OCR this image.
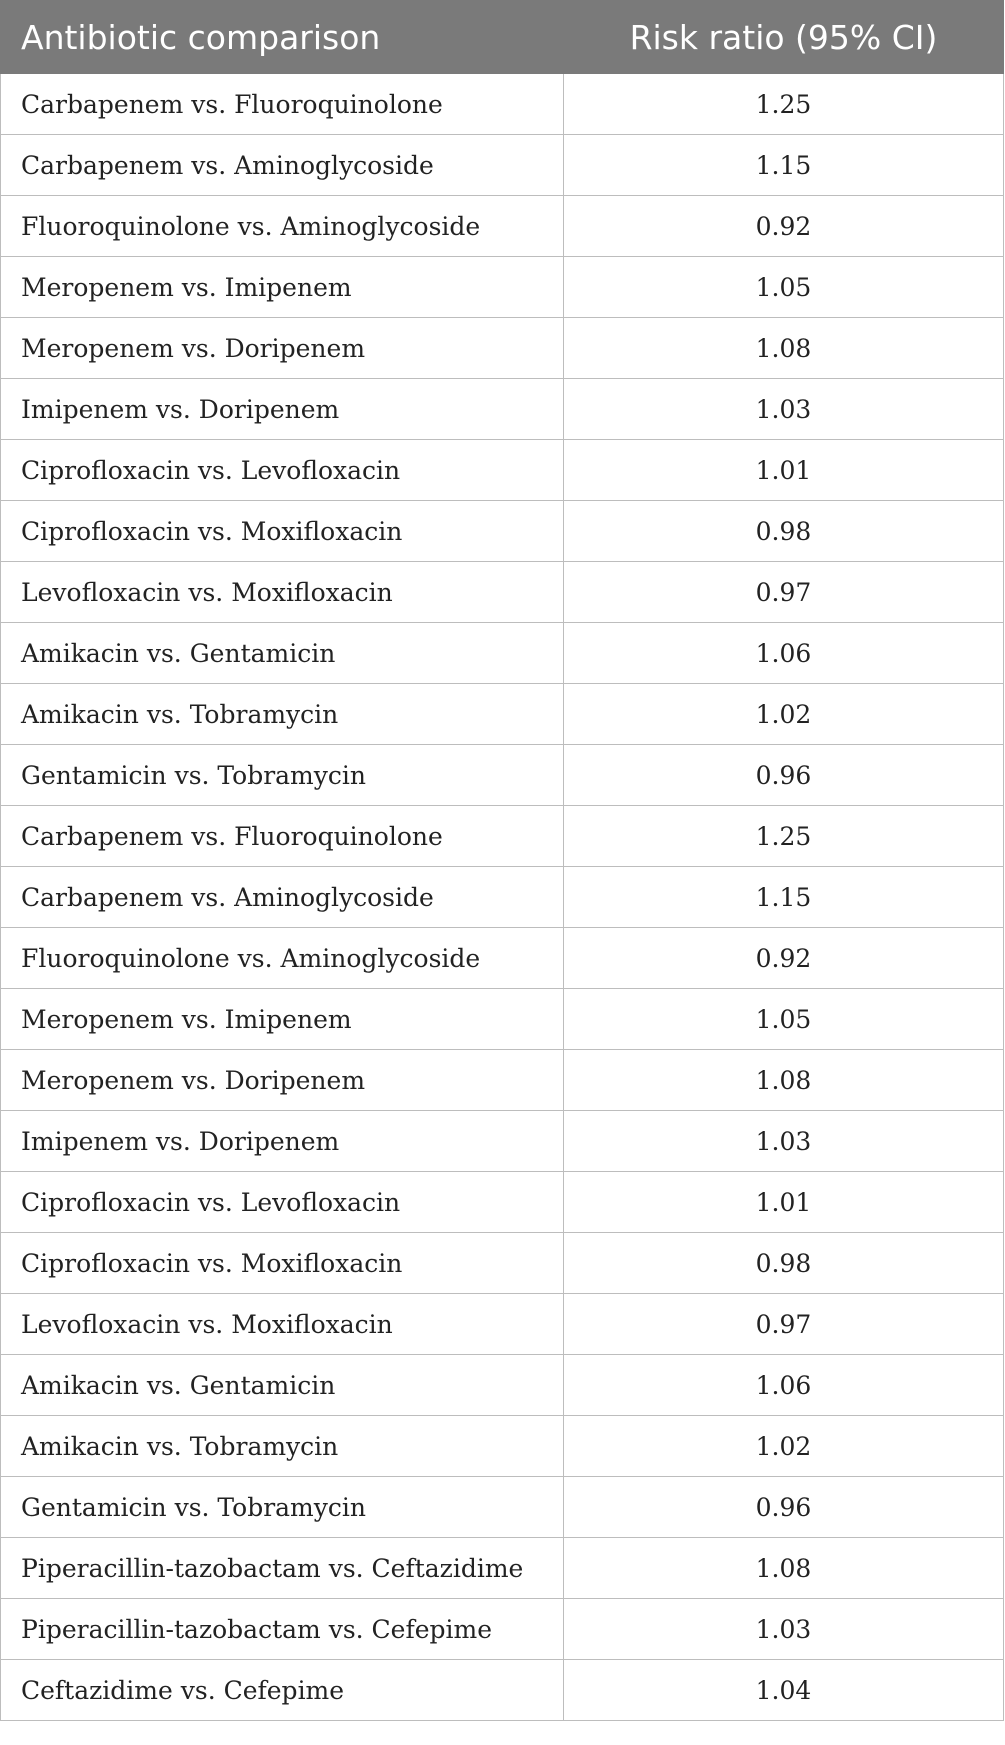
Antibiotic comparison	Risk ratio (95% CI)
Carbapenem vs. Fluoroquinolone	1.25
Carbapenem vs. Aminoglycoside	1.15
Fluoroquinolone vs. Aminoglycoside	0.92
Meropenem vs. Imipenem	1.05
Meropenem vs. Doripenem	1.08
Imipenem vs. Doripenem	1.03
Ciprofloxacin vs. Levofloxacin	1.01
Ciprofloxacin vs. Moxifloxacin	0.98
Levofloxacin vs. Moxifloxacin	0.97
Amikacin vs. Gentamicin	1.06
Amikacin vs. Tobramycin	1.02
Gentamicin vs. Tobramycin	0.96
Carbapenem vs. Fluoroquinolone	1.25
Carbapenem vs. Aminoglycoside	1.15
Fluoroquinolone vs. Aminoglycoside	0.92
Meropenem vs. Imipenem	1.05
Meropenem vs. Doripenem	1.08
Imipenem vs. Doripenem	1.03
Ciprofloxacin vs. Levofloxacin	1.01
Ciprofloxacin vs. Moxifloxacin	0.98
Levofloxacin vs. Moxifloxacin	0.97
Amikacin vs. Gentamicin	1.06
Amikacin vs. Tobramycin	1.02
Gentamicin vs. Tobramycin	0.96
Piperacillin-tazobactam vs. Ceftazidime	1.08
Piperacillin-tazobactam vs. Cefepime	1.03
Ceftazidime vs. Cefepime	1.04
